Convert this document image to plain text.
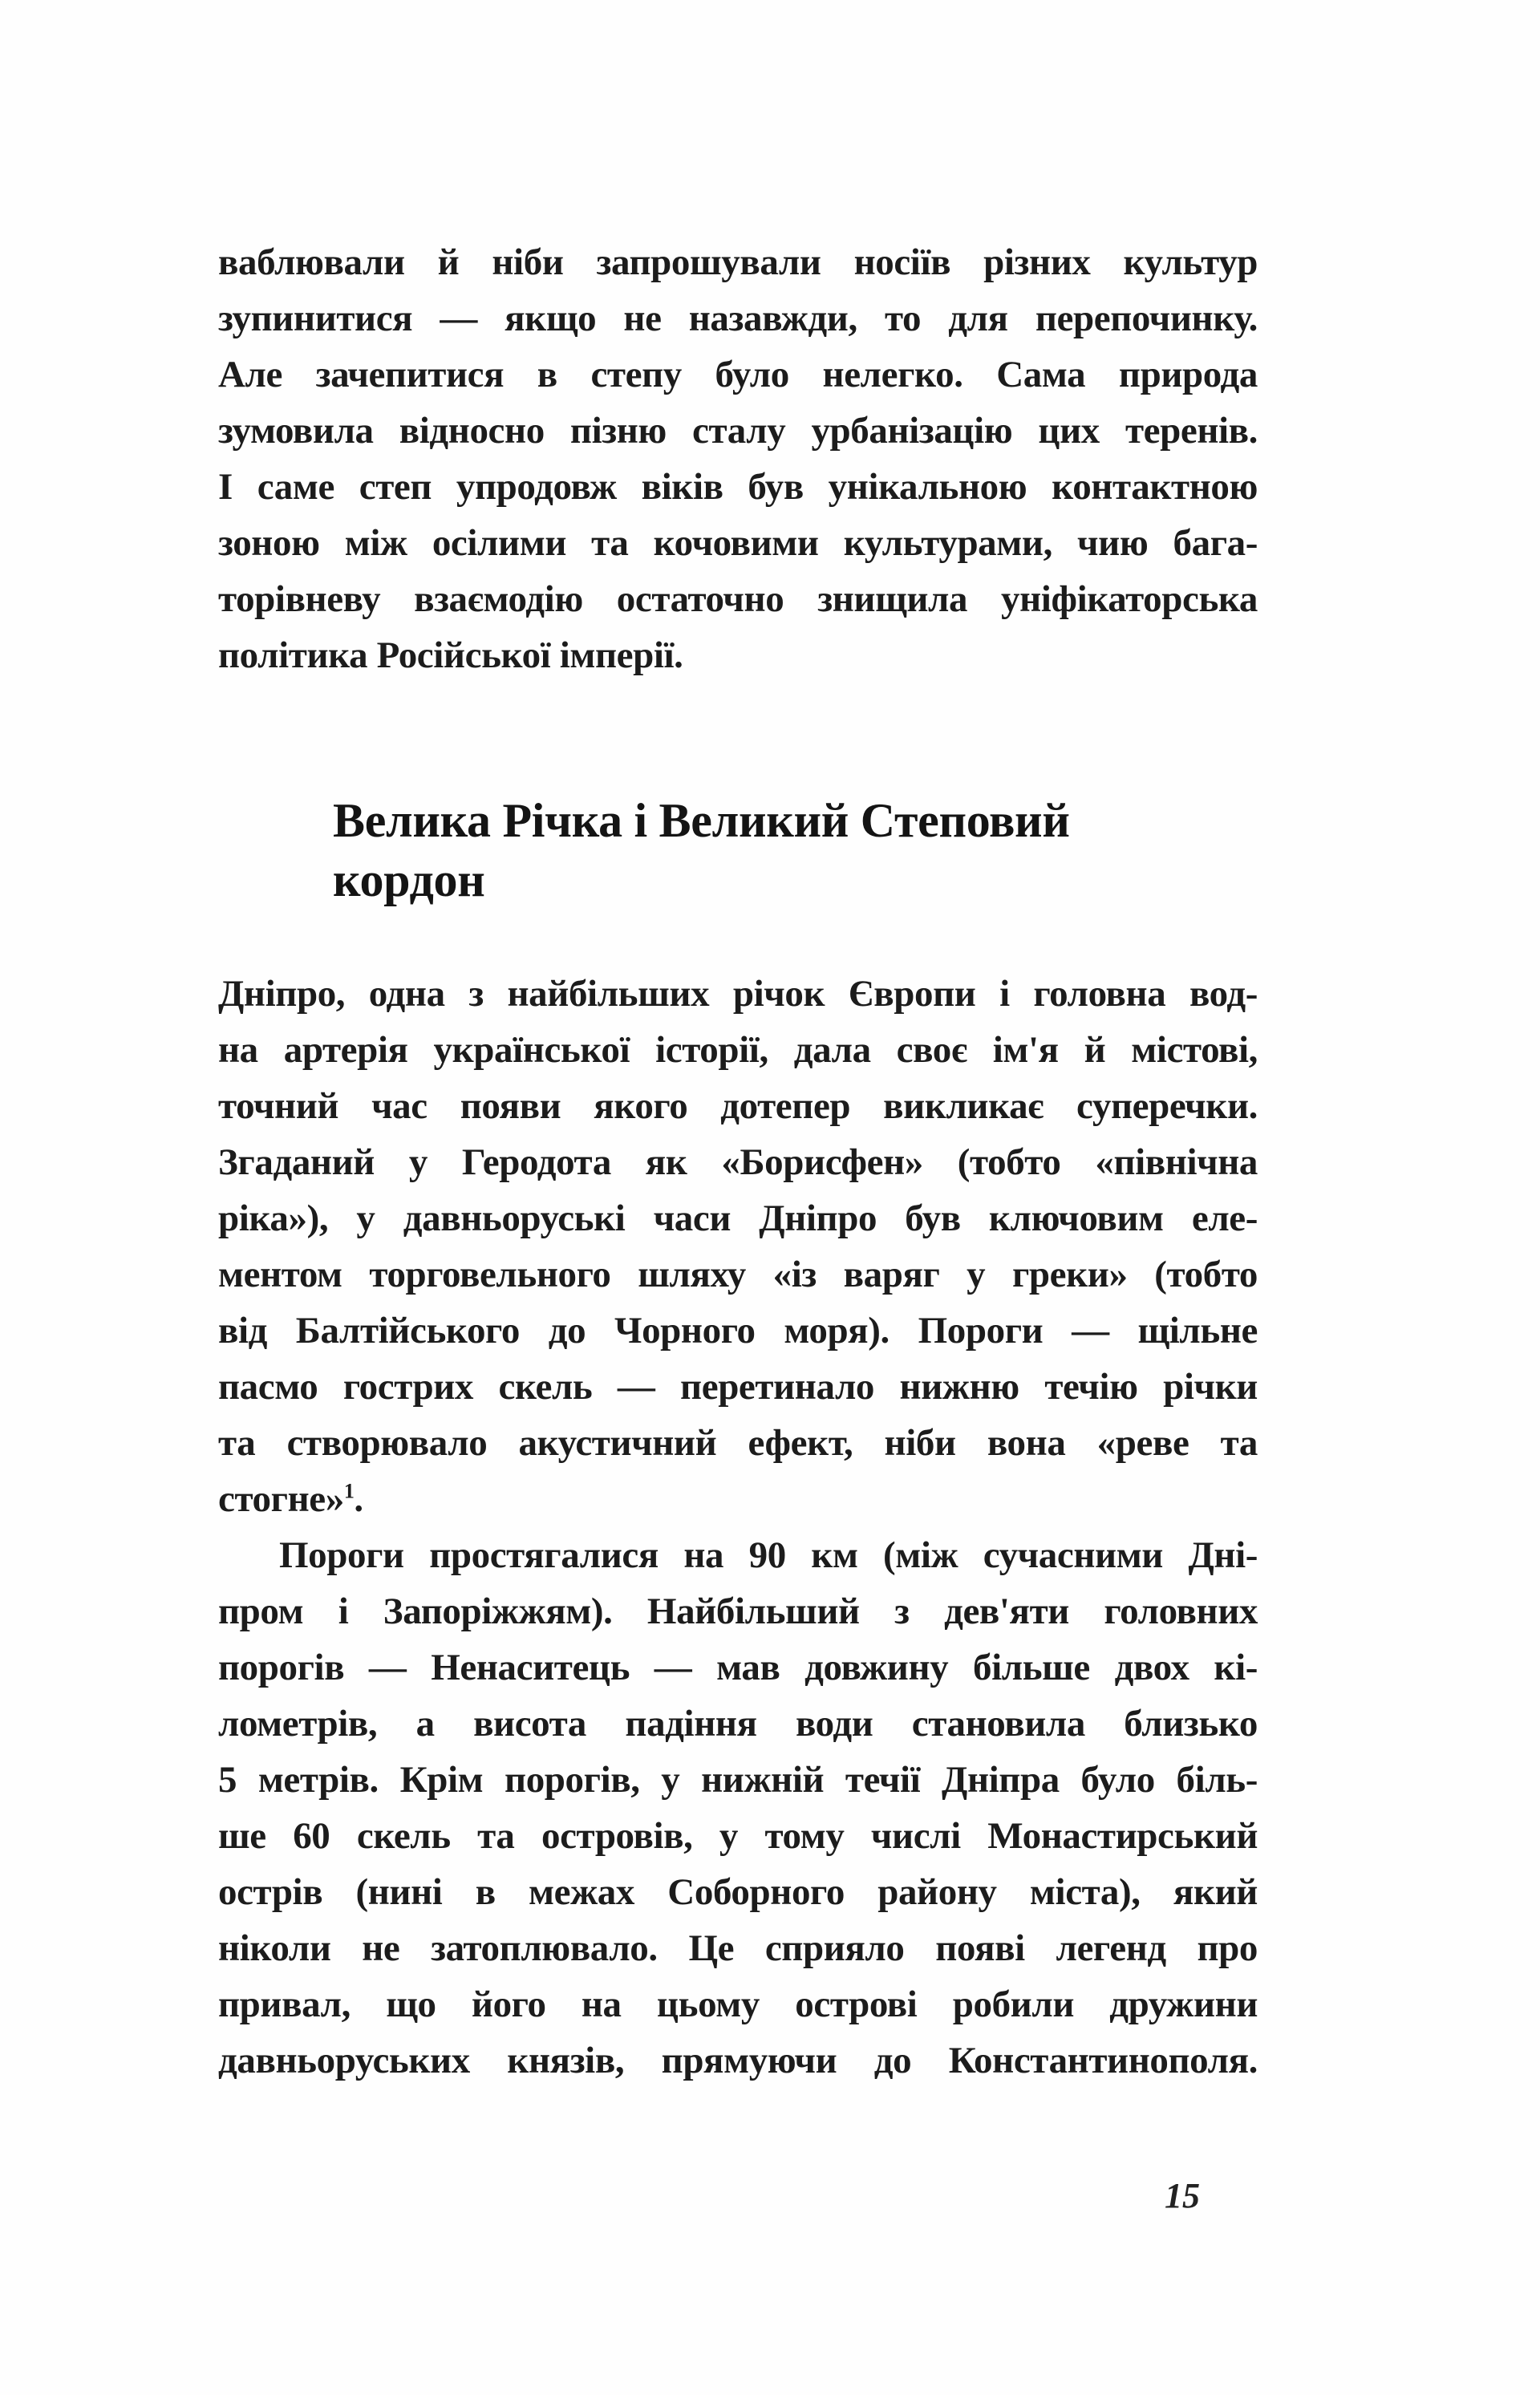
ваблювали й ніби запрошували носіїв різних культур
зупинитися — якщо не назавжди, то для перепочинку.
Але зачепитися в степу було нелегко. Сама природа
зумовила відносно пізню сталу урбанізацію цих теренів.
І саме степ упродовж віків був унікальною контактною
зоною між осілими та кочовими культурами, чию бага-
торівневу взаємодію остаточно знищила уніфікаторська
політика Російської імперії.
Велика Річка і Великий Степовий
кордон
Дніпро, одна з найбільших річок Європи і головна вод-
на артерія української історії, дала своє ім'я й містові,
точний час появи якого дотепер викликає суперечки.
Згаданий у Геродота як «Борисфен» (тобто «північна
ріка»), у давньоруські часи Дніпро був ключовим еле-
ментом торговельного шляху «із варяг у греки» (тобто
від Балтійського до Чорного моря). Пороги — щільне
пасмо гострих скель — перетинало нижню течію річки
та створювало акустичний ефект, ніби вона «реве та
стогне»$^1$.
Пороги простягалися на 90 км (між сучасними Дні-
пром і Запоріжжям). Найбільший з дев'яти головних
порогів — Ненаситець — мав довжину більше двох кі-
лометрів, а висота падіння води становила близько
5 метрів. Крім порогів, у нижній течії Дніпра було біль-
ше 60 скель та островів, у тому числі Монастирський
острів (нині в межах Соборного району міста), який
ніколи не затоплювало. Це сприяло появі легенд про
привал, що його на цьому острові робили дружини
давньоруських князів, прямуючи до Константинополя.
15
